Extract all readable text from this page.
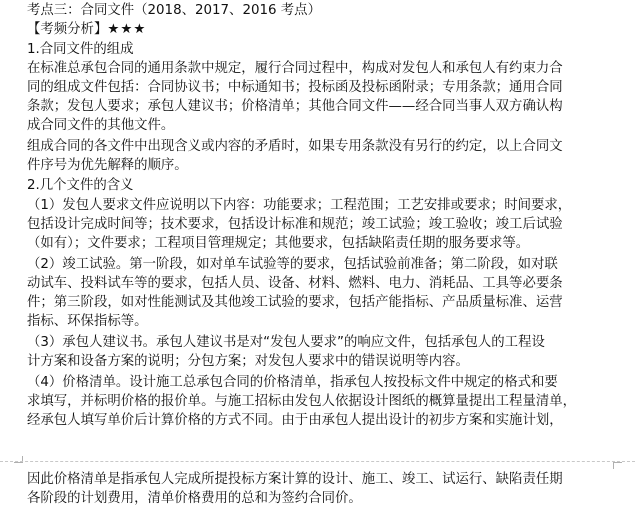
考点三：合同文件（2018、2017、2016 考点）
【考频分析】★★★
1.合同文件的组成
在标准总承包合同的通用条款中规定，履行合同过程中，构成对发包人和承包人有约束力合
同的组成文件包括：合同协议书；中标通知书；投标函及投标函附录；专用条款；通用合同
条款；发包人要求；承包人建议书；价格清单；其他合同文件——经合同当事人双方确认构
成合同文件的其他文件。
组成合同的各文件中出现含义或内容的矛盾时，如果专用条款没有另行的约定，以上合同文
件序号为优先解释的顺序。
2.几个文件的含义
（1）发包人要求文件应说明以下内容：功能要求；工程范围；工艺安排或要求；时间要求，
包括设计完成时间等；技术要求，包括设计标准和规范；竣工试验；竣工验收；竣工后试验
（如有）；文件要求；工程项目管理规定；其他要求，包括缺陷责任期的服务要求等。
（2）竣工试验。第一阶段，如对单车试验等的要求，包括试验前准备；第二阶段，如对联
动试车、投料试车等的要求，包括人员、设备、材料、燃料、电力、消耗品、工具等必要条
件；第三阶段，如对性能测试及其他竣工试验的要求，包括产能指标、产品质量标准、运营
指标、环保指标等。
（3）承包人建议书。承包人建议书是对“发包人要求”的响应文件，包括承包人的工程设
计方案和设备方案的说明；分包方案；对发包人要求中的错误说明等内容。
（4）价格清单。设计施工总承包合同的价格清单，指承包人按投标文件中规定的格式和要
求填写，并标明价格的报价单。与施工招标由发包人依据设计图纸的概算量提出工程量清单，
经承包人填写单价后计算价格的方式不同。由于由承包人提出设计的初步方案和实施计划，
因此价格清单是指承包人完成所提投标方案计算的设计、施工、竣工、试运行、缺陷责任期
各阶段的计划费用，清单价格费用的总和为签约合同价。
